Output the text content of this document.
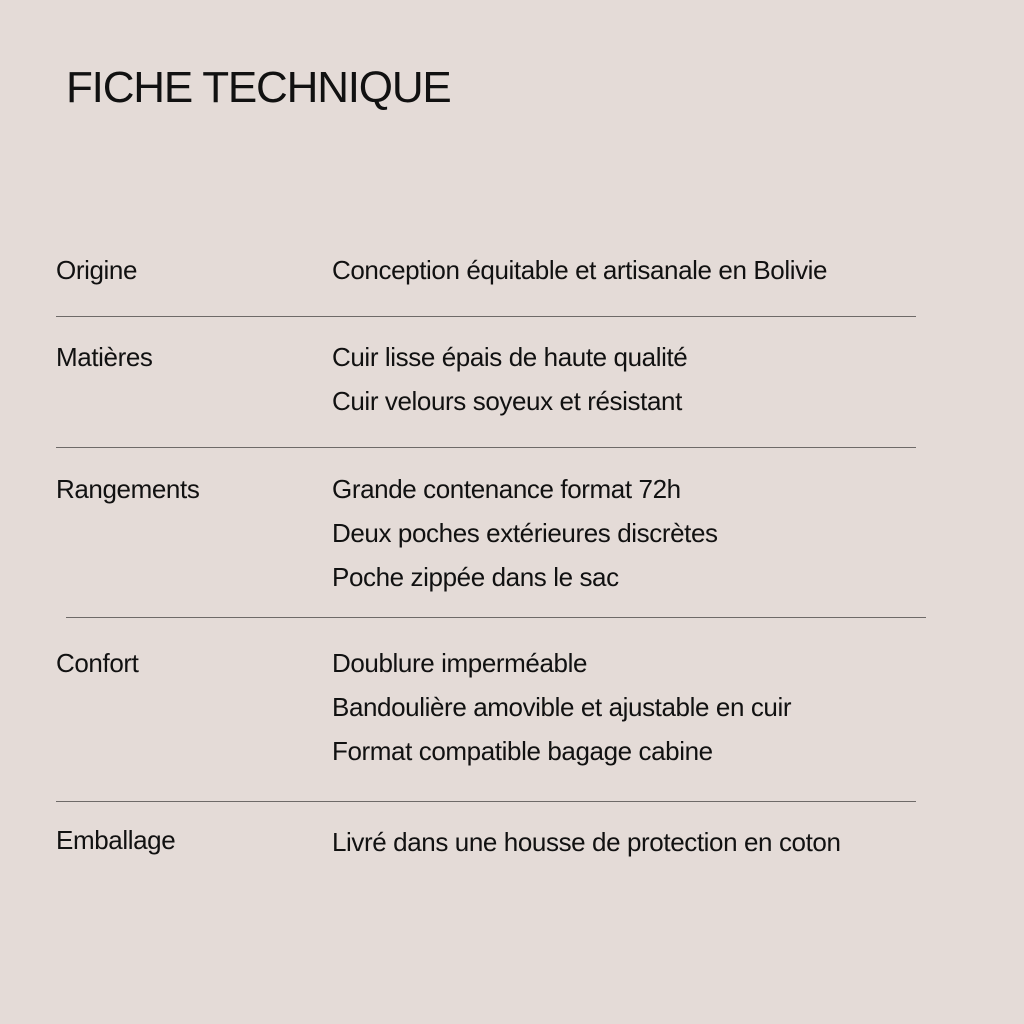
FICHE TECHNIQUE
Origine	Conception équitable et artisanale en Bolivie
Matières	Cuir lisse épais de haute qualité
Cuir velours soyeux et résistant
Rangements	Grande contenance format 72h
Deux poches extérieures discrètes
Poche zippée dans le sac
Confort	Doublure imperméable
Bandoulière amovible et ajustable en cuir
Format compatible bagage cabine
Emballage	Livré dans une housse de protection en coton
